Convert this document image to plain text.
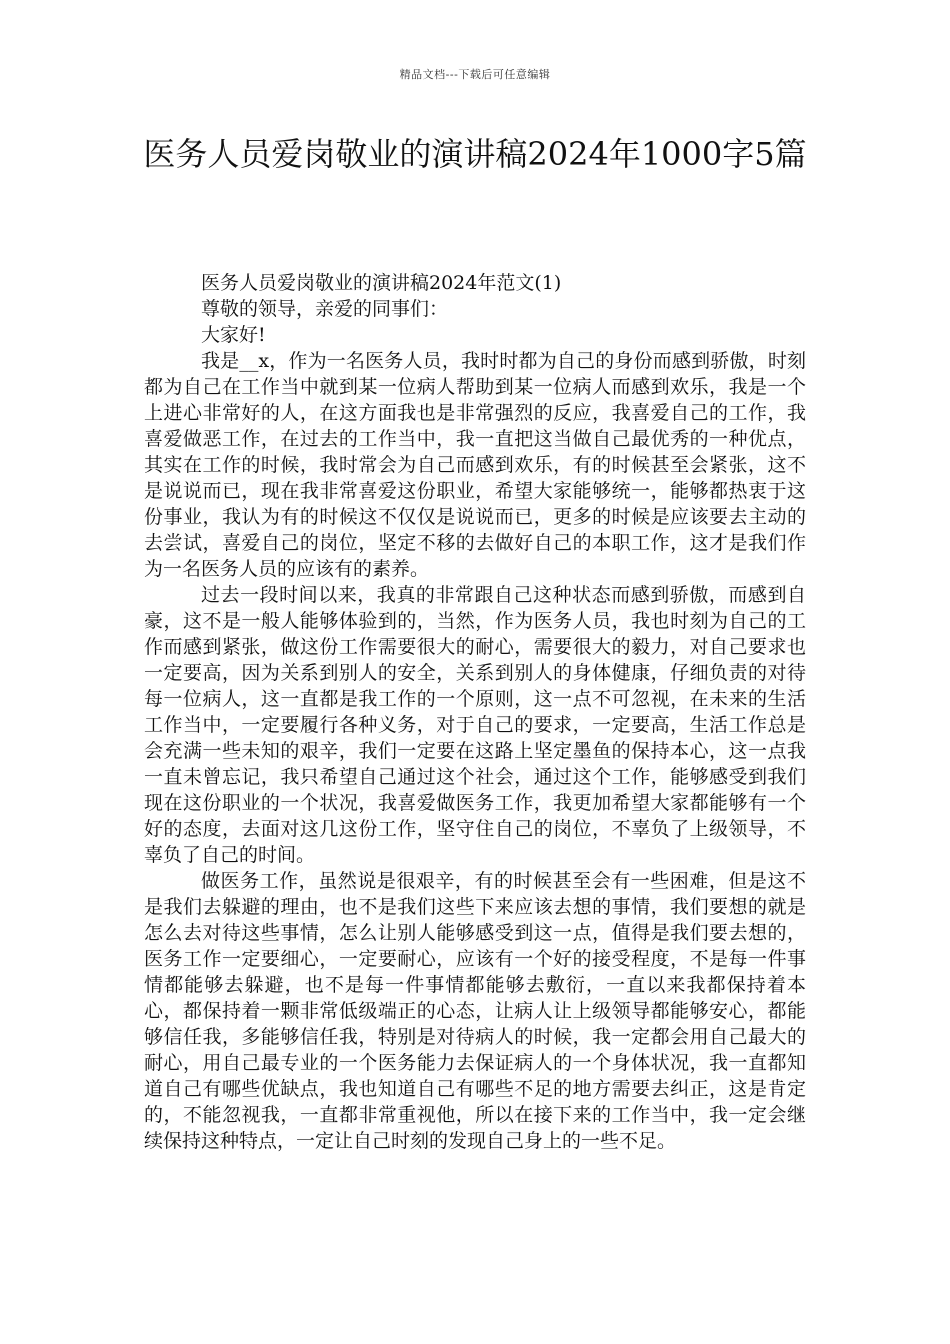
精品文档---下载后可任意编辑
医务人员爱岗敬业的演讲稿2024年1000字5篇

医务人员爱岗敬业的演讲稿2024年范文(1)

尊敬的领导，亲爱的同事们：

大家好!

我是__x，作为一名医务人员，我时时都为自己的身份而感到骄傲，时刻都为自己在工作当中就到某一位病人帮助到某一位病人而感到欢乐，我是一个上进心非常好的人，在这方面我也是非常强烈的反应，我喜爱自己的工作，我喜爱做恶工作，在过去的工作当中，我一直把这当做自己最优秀的一种优点，其实在工作的时候，我时常会为自己而感到欢乐，有的时候甚至会紧张，这不是说说而已，现在我非常喜爱这份职业，希望大家能够统一，能够都热衷于这份事业，我认为有的时候这不仅仅是说说而已，更多的时候是应该要去主动的去尝试，喜爱自己的岗位，坚定不移的去做好自己的本职工作，这才是我们作为一名医务人员的应该有的素养。

过去一段时间以来，我真的非常跟自己这种状态而感到骄傲，而感到自豪，这不是一般人能够体验到的，当然，作为医务人员，我也时刻为自己的工作而感到紧张，做这份工作需要很大的耐心，需要很大的毅力，对自己要求也一定要高，因为关系到别人的安全，关系到别人的身体健康，仔细负责的对待每一位病人，这一直都是我工作的一个原则，这一点不可忽视，在未来的生活工作当中，一定要履行各种义务，对于自己的要求，一定要高，生活工作总是会充满一些未知的艰辛，我们一定要在这路上坚定墨鱼的保持本心，这一点我一直未曾忘记，我只希望自己通过这个社会，通过这个工作，能够感受到我们现在这份职业的一个状况，我喜爱做医务工作，我更加希望大家都能够有一个好的态度，去面对这几这份工作，坚守住自己的岗位，不辜负了上级领导，不辜负了自己的时间。

做医务工作，虽然说是很艰辛，有的时候甚至会有一些困难，但是这不是我们去躲避的理由，也不是我们这些下来应该去想的事情，我们要想的就是怎么去对待这些事情，怎么让别人能够感受到这一点，值得是我们要去想的，医务工作一定要细心，一定要耐心，应该有一个好的接受程度，不是每一件事情都能够去躲避，也不是每一件事情都能够去敷衍，一直以来我都保持着本心，都保持着一颗非常低级端正的心态，让病人让上级领导都能够安心，都能够信任我，多能够信任我，特别是对待病人的时候，我一定都会用自己最大的耐心，用自己最专业的一个医务能力去保证病人的一个身体状况，我一直都知道自己有哪些优缺点，我也知道自己有哪些不足的地方需要去纠正，这是肯定的，不能忽视我，一直都非常重视他，所以在接下来的工作当中，我一定会继续保持这种特点，一定让自己时刻的发现自己身上的一些不足。
